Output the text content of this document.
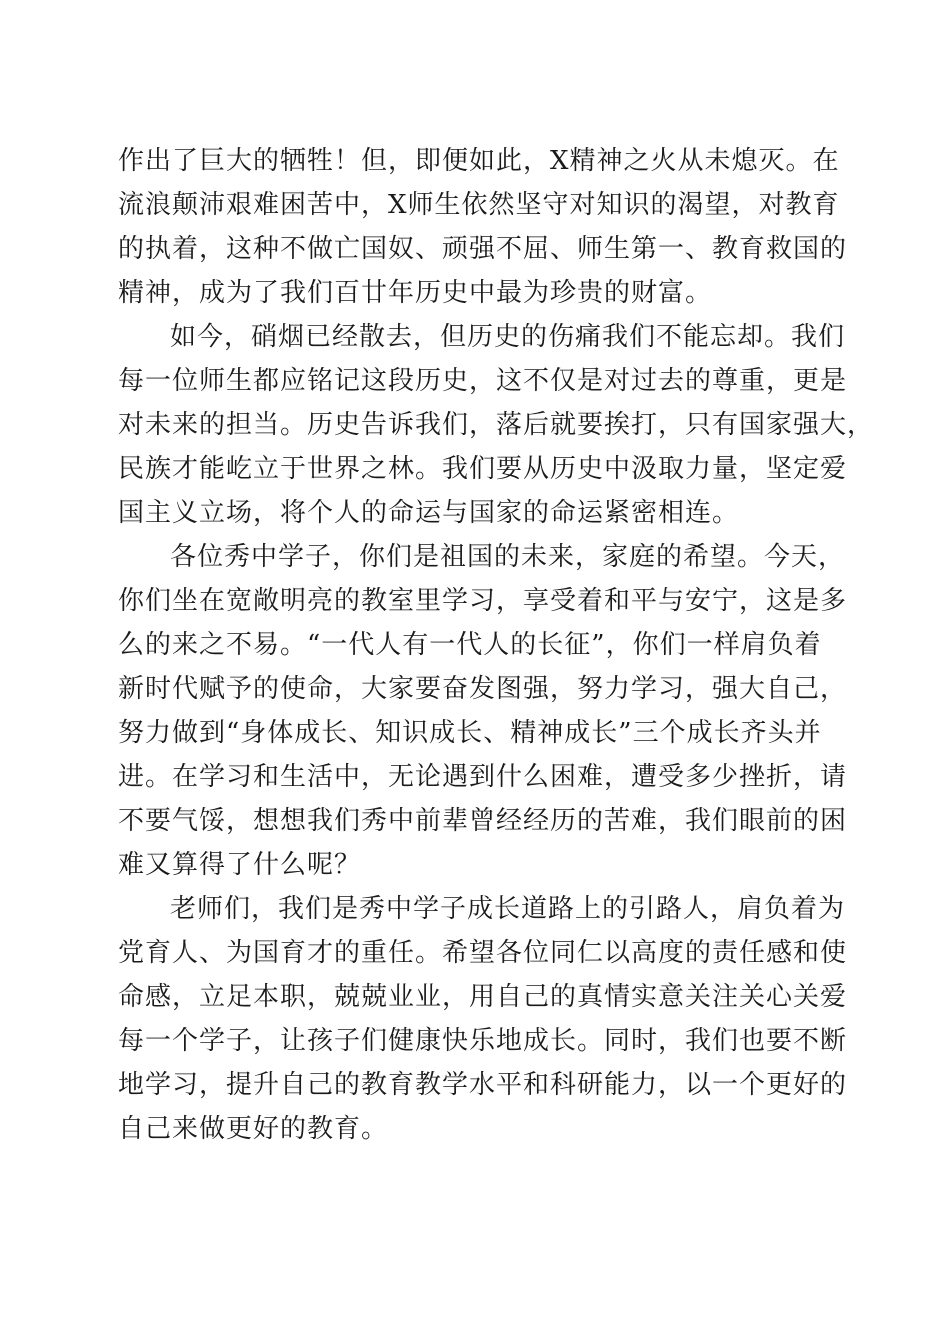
作出了巨大的牺牲！但，即便如此，X精神之火从未熄灭。在
流浪颠沛艰难困苦中，X师生依然坚守对知识的渴望，对教育
的执着，这种不做亡国奴、顽强不屈、师生第一、教育救国的
精神，成为了我们百廿年历史中最为珍贵的财富。
如今，硝烟已经散去，但历史的伤痛我们不能忘却。我们
每一位师生都应铭记这段历史，这不仅是对过去的尊重，更是
对未来的担当。历史告诉我们，落后就要挨打，只有国家强大，
民族才能屹立于世界之林。我们要从历史中汲取力量，坚定爱
国主义立场，将个人的命运与国家的命运紧密相连。
各位秀中学子，你们是祖国的未来，家庭的希望。今天，
你们坐在宽敞明亮的教室里学习，享受着和平与安宁，这是多
么的来之不易。“一代人有一代人的长征”，你们一样肩负着
新时代赋予的使命，大家要奋发图强，努力学习，强大自己，
努力做到“身体成长、知识成长、精神成长”三个成长齐头并
进。在学习和生活中，无论遇到什么困难，遭受多少挫折，请
不要气馁，想想我们秀中前辈曾经经历的苦难，我们眼前的困
难又算得了什么呢？
老师们，我们是秀中学子成长道路上的引路人，肩负着为
党育人、为国育才的重任。希望各位同仁以高度的责任感和使
命感，立足本职，兢兢业业，用自己的真情实意关注关心关爱
每一个学子，让孩子们健康快乐地成长。同时，我们也要不断
地学习，提升自己的教育教学水平和科研能力，以一个更好的
自己来做更好的教育。
